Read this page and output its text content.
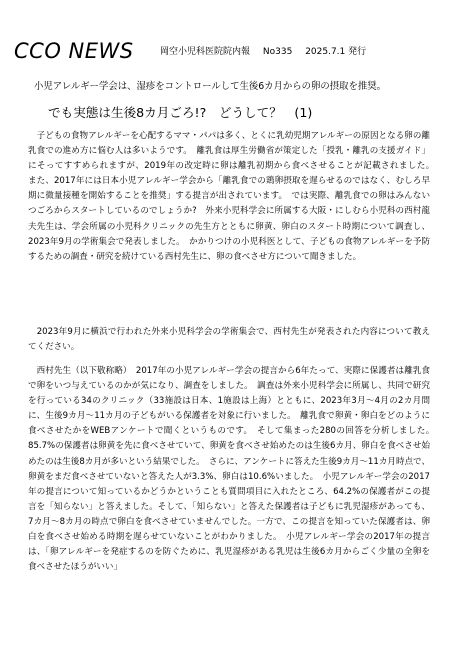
CCO NEWS	岡空小児科医院院内報 No335 2025.7.1 発行
小児アレルギー学会は、湿疹をコントロールして生後6カ月からの卵の摂取を推奨。
でも実態は生後8カ月ごろ!?　どうして？　(1)

　子どもの食物アレルギーを心配するママ・パパは多く、とくに乳幼児期アレルギーの原因となる卵の離乳食での進め方に悩む人は多いようです。　離乳食は厚生労働省が策定した「授乳・離乳の支援ガイド」にそってすすめられますが、2019年の改定時に卵は離乳初期から食べさせることが記載されました。　また、2017年には日本小児アレルギー学会から「離乳食での鶏卵摂取を遅らせるのではなく、むしろ早期に微量接種を開始することを推奨」する提言が出されています。　では実際、離乳食での卵はみんないつごろからスタートしているのでしょうか?　外来小児科学会に所属する大阪・にしむら小児科の西村龍夫先生は、学会所属の小児科クリニックの先生方とともに卵黄、卵白のスタート時期について調査し、2023年9月の学術集会で発表しました。　かかりつけの小児科医として、子どもの食物アレルギーを予防するための調査・研究を続けている西村先生に、卵の食べさせ方について聞きました。

　2023年9月に横浜で行われた外来小児科学会の学術集会で、西村先生が発表された内容について教えてください。

　西村先生（以下敬称略）　2017年の小児アレルギー学会の提言から6年たって、実際に保護者は離乳食で卵をいつ与えているのかが気になり、調査をしました。　調査は外来小児科学会に所属し、共同で研究を行っている34のクリニック（33施設は日本、1施設は上海）とともに、2023年3月～4月の2カ月間に、生後9カ月～11カ月の子どもがいる保護者を対象に行いました。　離乳食で卵黄・卵白をどのように食べさせたかをWEBアンケートで聞くというものです。　そして集まった280の回答を分析しました。　85.7%の保護者は卵黄を先に食べさせていて、卵黄を食べさせ始めたのは生後6カ月、卵白を食べさせ始めたのは生後8カ月が多いという結果でした。　さらに、アンケートに答えた生後9カ月～11カ月時点で、卵黄をまだ食べさせていないと答えた人が3.3%、卵白は10.6%いました。　小児アレルギー学会の2017年の提言について知っているかどうかということも質問項目に入れたところ、64.2%の保護者がこの提言を「知らない」と答えました。そして、「知らない」と答えた保護者は子どもに乳児湿疹があっても、7カ月～8カ月の時点で卵白を食べさせていませんでした。一方で、この提言を知っていた保護者は、卵白を食べさせ始める時期を遅らせていないことがわかりました。　小児アレルギー学会の2017年の提言は、「卵アレルギーを発症するのを防ぐために、乳児湿疹がある乳児は生後6カ月からごく少量の全卵を食べさせたほうがいい」
